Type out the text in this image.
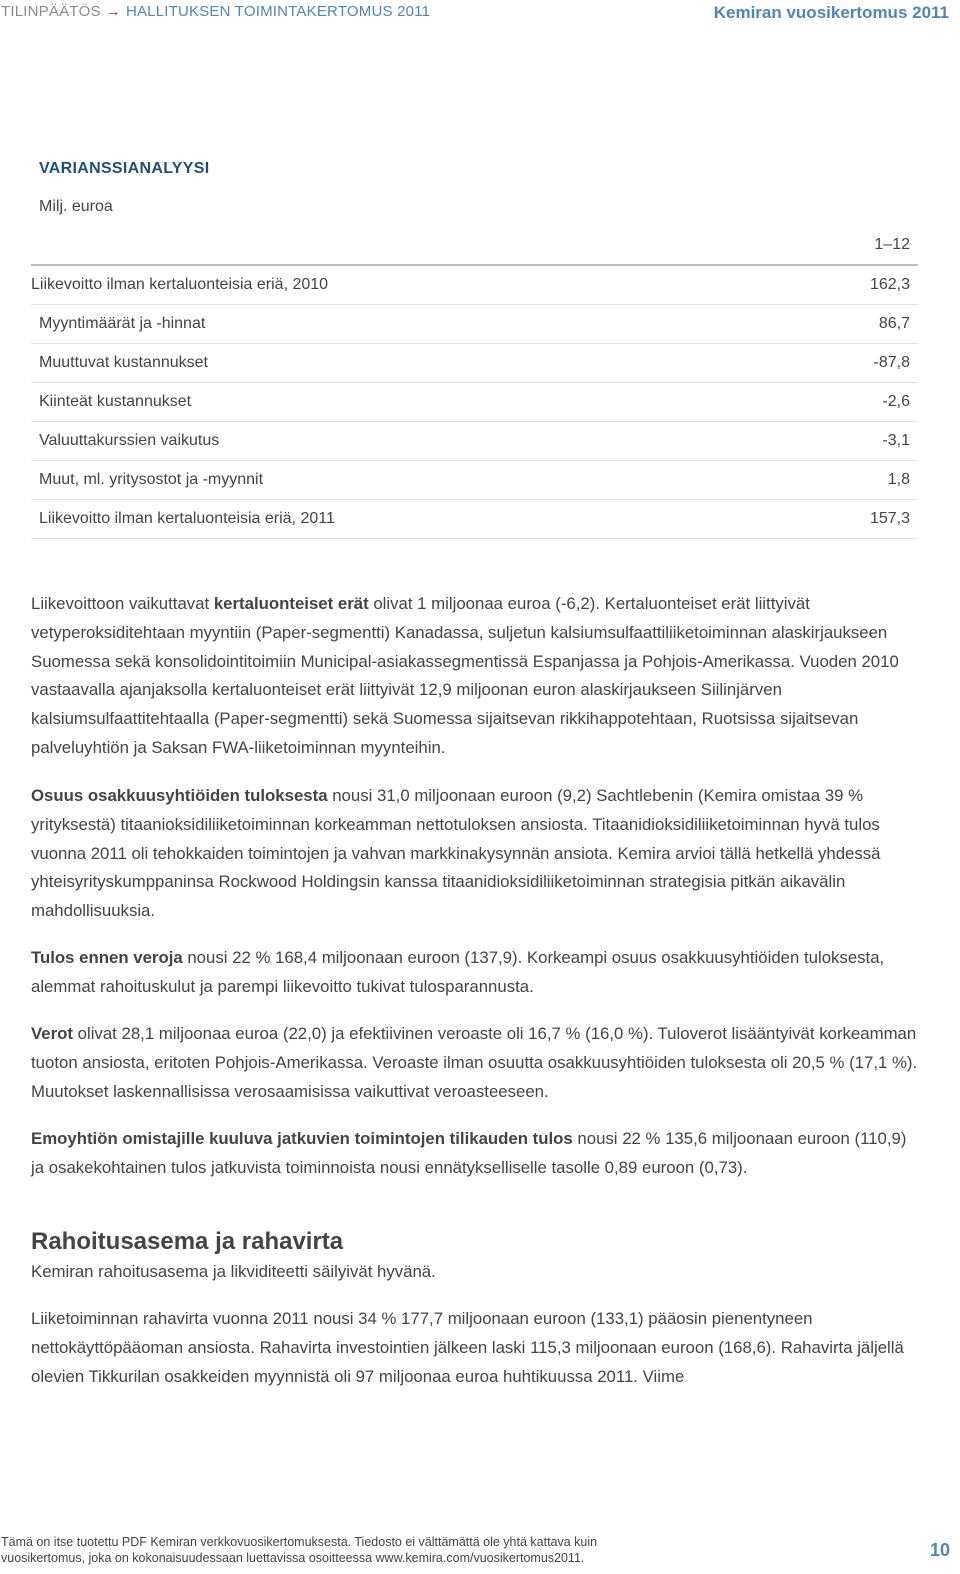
TILINPÄÄTÖS → HALLITUKSEN TOIMINTAKERTOMUS 2011	Kemiran vuosikertomus 2011
VARIANSSIANALYYSI
Milj. euroa
1–12	
Liikevoitto ilman kertaluonteisia eriä, 2010	162,3
Myyntimäärät ja -hinnat	86,7
Muuttuvat kustannukset	-87,8
Kiinteät kustannukset	-2,6
Valuuttakurssien vaikutus	-3,1
Muut, ml. yritysostot ja -myynnit	1,8
Liikevoitto ilman kertaluonteisia eriä, 2011	157,3

Liikevoittoon vaikuttavat kertaluonteiset erät olivat 1 miljoonaa euroa (-6,2). Kertaluonteiset erät liittyivät vetyperoksiditehtaan myyntiin (Paper-segmentti) Kanadassa, suljetun kalsiumsulfaattiliiketoiminnan alaskirjaukseen Suomessa sekä konsolidointitoimiin Municipal-asiakassegmentissä Espanjassa ja Pohjois-Amerikassa. Vuoden 2010 vastaavalla ajanjaksolla kertaluonteiset erät liittyivät 12,9 miljoonan euron alaskirjaukseen Siilinjärven kalsiumsulfaattitehtaalla (Paper-segmentti) sekä Suomessa sijaitsevan rikkihappotehtaan, Ruotsissa sijaitsevan palveluyhtiön ja Saksan FWA-liiketoiminnan myynteihin.

Osuus osakkuusyhtiöiden tuloksesta nousi 31,0 miljoonaan euroon (9,2) Sachtlebenin (Kemira omistaa 39 % yrityksestä) titaanioksidiliiketoiminnan korkeamman nettotuloksen ansiosta. Titaanidioksidiliiketoiminnan hyvä tulos vuonna 2011 oli tehokkaiden toimintojen ja vahvan markkinakysynnän ansiota. Kemira arvioi tällä hetkellä yhdessä yhteisyrityskumppaninsa Rockwood Holdingsin kanssa titaanidioksidiliiketoiminnan strategisia pitkän aikavälin mahdollisuuksia.

Tulos ennen veroja nousi 22 % 168,4 miljoonaan euroon (137,9). Korkeampi osuus osakkuusyhtiöiden tuloksesta, alemmat rahoituskulut ja parempi liikevoitto tukivat tulosparannusta.

Verot olivat 28,1 miljoonaa euroa (22,0) ja efektiivinen veroaste oli 16,7 % (16,0 %). Tuloverot lisääntyivät korkeamman tuoton ansiosta, eritoten Pohjois-Amerikassa. Veroaste ilman osuutta osakkuusyhtiöiden tuloksesta oli 20,5 % (17,1 %). Muutokset laskennallisissa verosaamisissa vaikuttivat veroasteeseen.

Emoyhtiön omistajille kuuluva jatkuvien toimintojen tilikauden tulos nousi 22 % 135,6 miljoonaan euroon (110,9) ja osakekohtainen tulos jatkuvista toiminnoista nousi ennätykselliselle tasolle 0,89 euroon (0,73).

Rahoitusasema ja rahavirta

Kemiran rahoitusasema ja likviditeetti säilyivät hyvänä.

Liiketoiminnan rahavirta vuonna 2011 nousi 34 % 177,7 miljoonaan euroon (133,1) pääosin pienentyneen nettokäyttöpääoman ansiosta. Rahavirta investointien jälkeen laski 115,3 miljoonaan euroon (168,6). Rahavirta jäljellä olevien Tikkurilan osakkeiden myynnistä oli 97 miljoonaa euroa huhtikuussa 2011. Viime

Tämä on itse tuotettu PDF Kemiran verkkovuosikertomuksesta. Tiedosto ei välttämättä ole yhtä kattava kuin
vuosikertomus, joka on kokonaisuudessaan luettavissa osoitteessa www.kemira.com/vuosikertomus2011.	10
